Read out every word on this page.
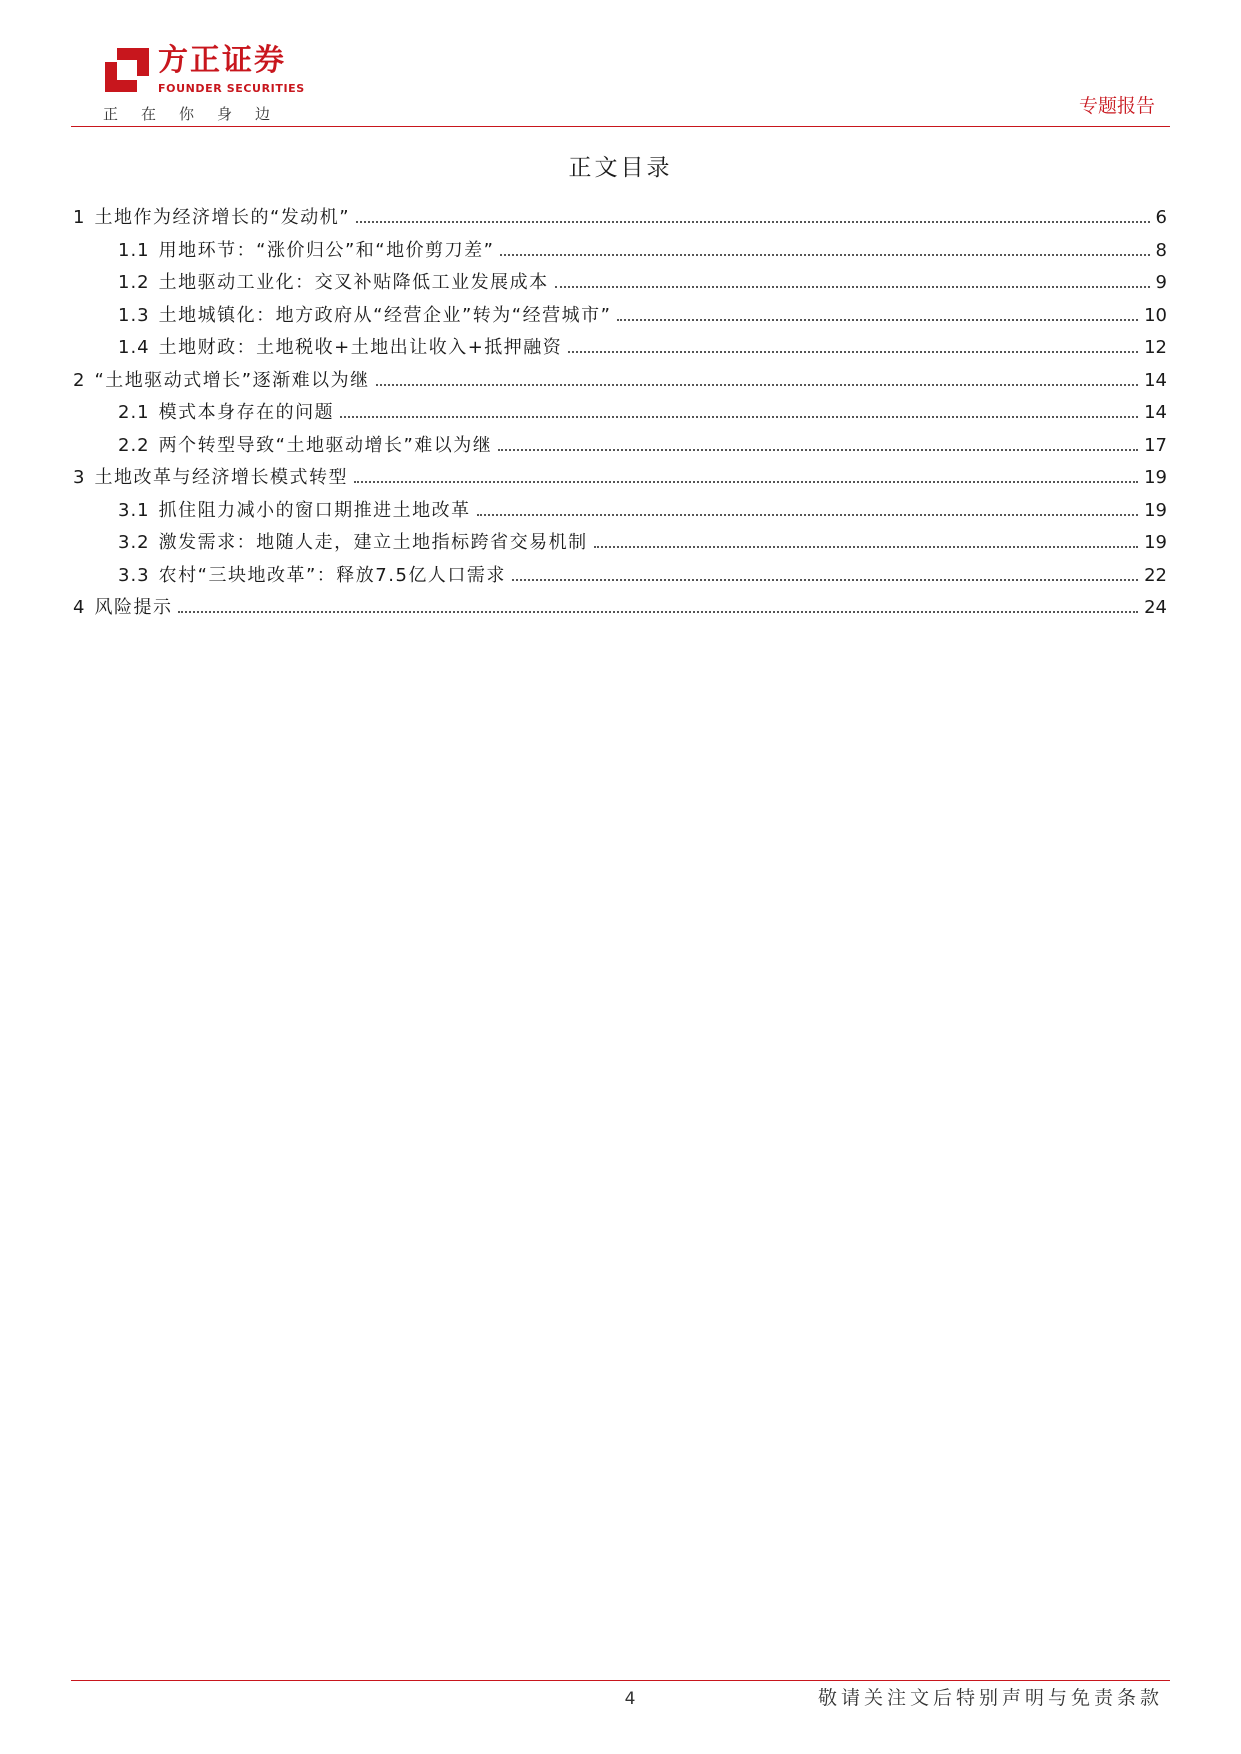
方正证券
FOUNDER SECURITIES
正在你身边	专题报告
正文目录
1 土地作为经济增长的“发动机”	6
1.1 用地环节：“涨价归公”和“地价剪刀差”	8
1.2 土地驱动工业化：交叉补贴降低工业发展成本	9
1.3 土地城镇化：地方政府从“经营企业”转为“经营城市”	10
1.4 土地财政：土地税收+土地出让收入+抵押融资	12
2 “土地驱动式增长”逐渐难以为继	14
2.1 模式本身存在的问题	14
2.2 两个转型导致“土地驱动增长”难以为继	17
3 土地改革与经济增长模式转型	19
3.1 抓住阻力减小的窗口期推进土地改革	19
3.2 激发需求：地随人走，建立土地指标跨省交易机制	19
3.3 农村“三块地改革”：释放7.5亿人口需求	22
4 风险提示	24
4	敬请关注文后特别声明与免责条款
